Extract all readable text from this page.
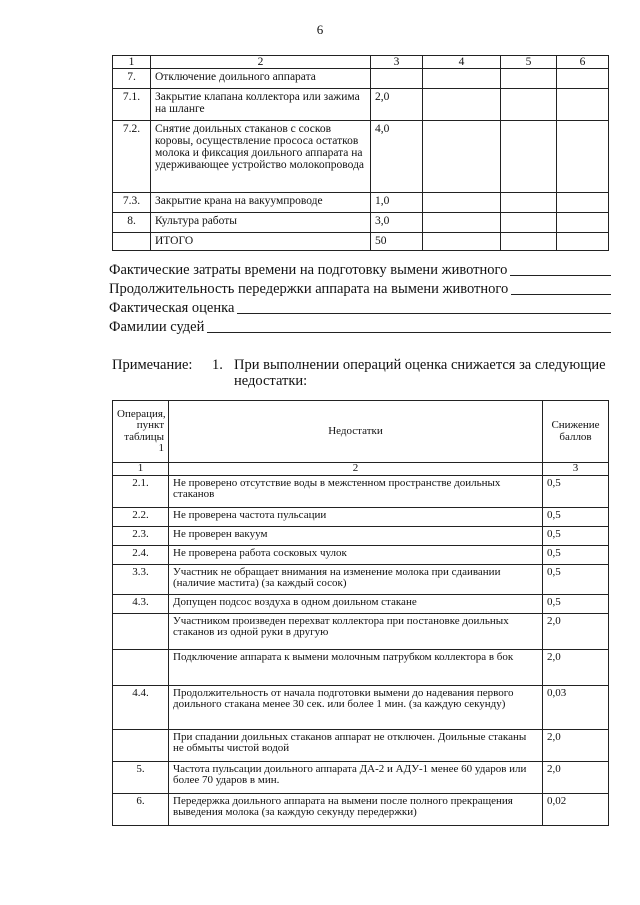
6
1	2	3	4	5	6
7.	Отключение доильного аппарата				
7.1.	Закрытие клапана коллектора или зажима на шланге	2,0			
7.2.	Снятие доильных стаканов с сосков коровы, осуществление прососа остатков молока и фиксация доильного аппарата на удерживающее устройство молокопровода	4,0			
7.3.	Закрытие крана на вакуумпроводе	1,0			
8.	Культура работы	3,0			
	ИТОГО	50			
Фактические затраты времени на подготовку вымени животного
Продолжительность передержки аппарата на вымени животного
Фактическая оценка
Фамилии судей
Примечание: 1. При выполнении операций оценка снижается за следующие
недостатки:
Операция, пункт таблицы 1	Недостатки	Снижение баллов
1	2	3
2.1.	Не проверено отсутствие воды в межстенном пространстве доильных стаканов	0,5
2.2.	Не проверена частота пульсации	0,5
2.3.	Не проверен вакуум	0,5
2.4.	Не проверена работа сосковых чулок	0,5
3.3.	Участник не обращает внимания на изменение молока при сдаивании (наличие мастита) (за каждый сосок)	0,5
4.3.	Допущен подсос воздуха в одном доильном стакане	0,5
	Участником произведен перехват коллектора при постановке доильных стаканов из одной руки в другую	2,0
	Подключение аппарата к вымени молочным патрубком коллектора в бок	2,0
4.4.	Продолжительность от начала подготовки вымени до надевания первого доильного стакана менее 30 сек. или более 1 мин. (за каждую секунду)	0,03
	При спадании доильных стаканов аппарат не отключен. Доильные стаканы не обмыты чистой водой	2,0
5.	Частота пульсации доильного аппарата ДА-2 и АДУ-1 менее 60 ударов или более 70 ударов в мин.	2,0
6.	Передержка доильного аппарата на вымени после полного прекращения выведения молока (за каждую секунду передержки)	0,02
